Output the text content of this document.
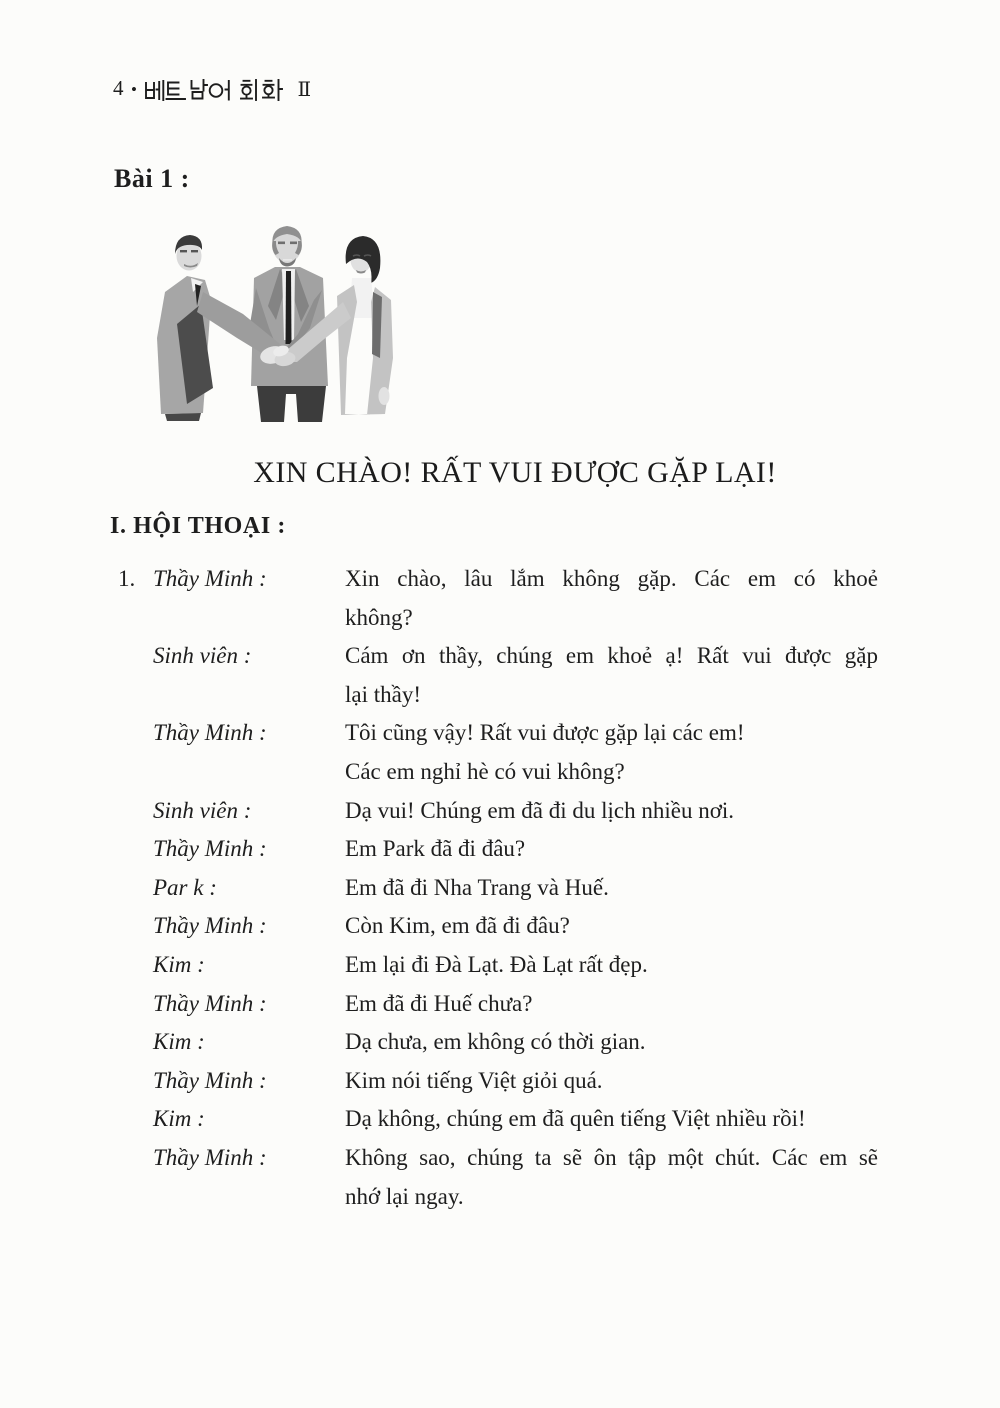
4 •	Ⅱ
Bài 1 :
XIN CHÀO! RẤT VUI ĐƯỢC GẶP LẠI!
I. HỘI THOẠI :
1. Thầy Minh :	Xin chào, lâu lắm không gặp. Các em có khoẻ
không?
Sinh viên :	Cám ơn thầy, chúng em khoẻ ạ! Rất vui được gặp
lại thầy!
Thầy Minh :	Tôi cũng vậy! Rất vui được gặp lại các em!
Các em nghỉ hè có vui không?
Sinh viên :	Dạ vui! Chúng em đã đi du lịch nhiều nơi.
Thầy Minh :	Em Park đã đi đâu?
Par k :	Em đã đi Nha Trang và Huế.
Thầy Minh :	Còn Kim, em đã đi đâu?
Kim :	Em lại đi Đà Lạt. Đà Lạt rất đẹp.
Thầy Minh :	Em đã đi Huế chưa?
Kim :	Dạ chưa, em không có thời gian.
Thầy Minh :	Kim nói tiếng Việt giỏi quá.
Kim :	Dạ không, chúng em đã quên tiếng Việt nhiều rồi!
Thầy Minh :	Không sao, chúng ta sẽ ôn tập một chút. Các em sẽ
nhớ lại ngay.
